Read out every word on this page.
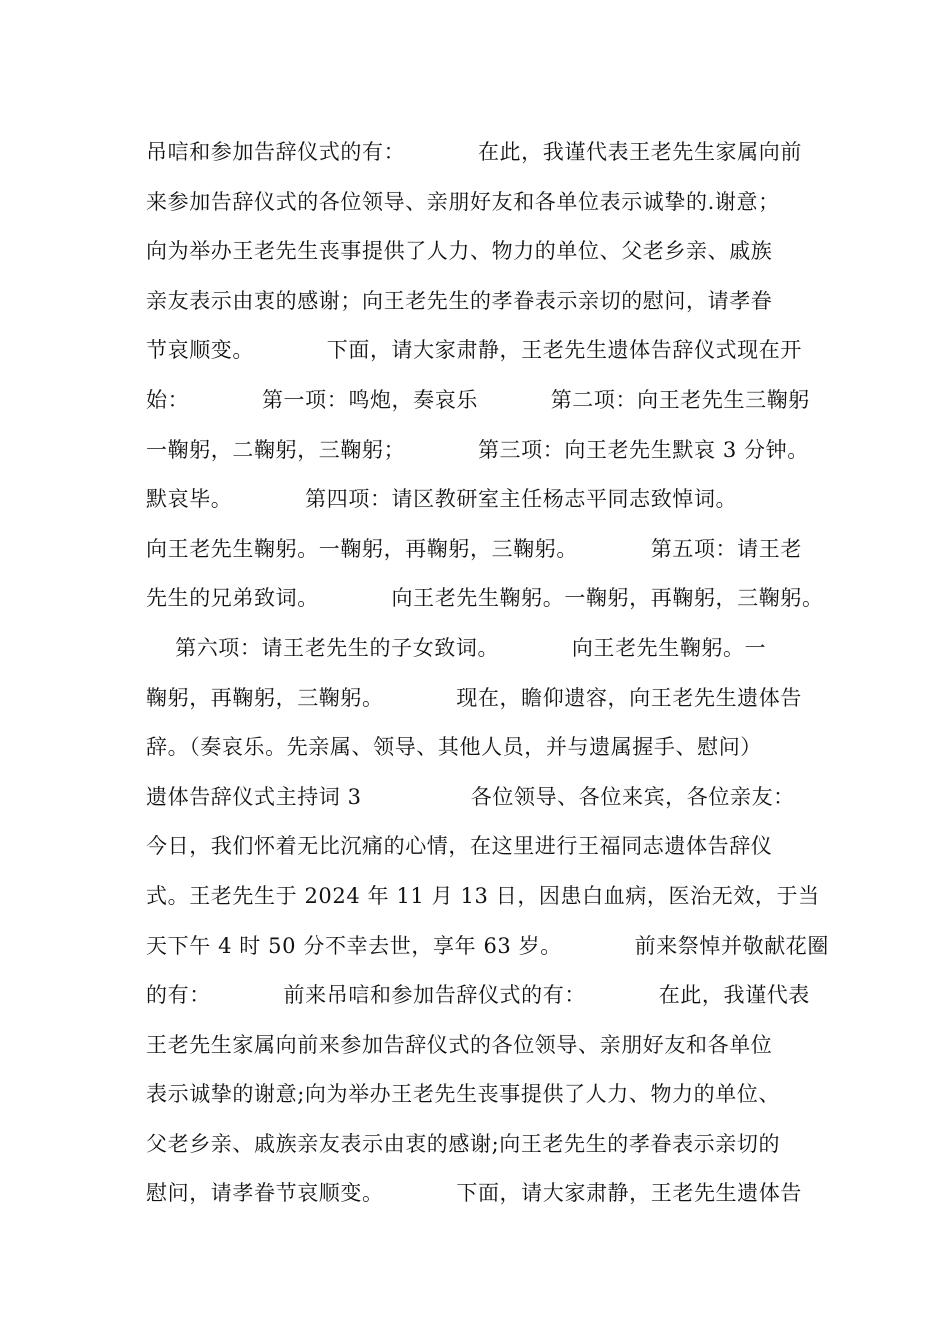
吊唁和参加告辞仪式的有：          在此，我谨代表王老先生家属向前
来参加告辞仪式的各位领导、亲朋好友和各单位表示诚挚的.谢意；
向为举办王老先生丧事提供了人力、物力的单位、父老乡亲、戚族
亲友表示由衷的感谢；向王老先生的孝眷表示亲切的慰问，请孝眷
节哀顺变。          下面，请大家肃静，王老先生遗体告辞仪式现在开
始：          第一项：鸣炮，奏哀乐          第二项：向王老先生三鞠躬
一鞠躬，二鞠躬，三鞠躬；          第三项：向王老先生默哀 3 分钟。
默哀毕。          第四项：请区教研室主任杨志平同志致悼词。
向王老先生鞠躬。一鞠躬，再鞠躬，三鞠躬。          第五项：请王老
先生的兄弟致词。          向王老先生鞠躬。一鞠躬，再鞠躬，三鞠躬。
第六项：请王老先生的子女致词。          向王老先生鞠躬。一
鞠躬，再鞠躬，三鞠躬。          现在，瞻仰遗容，向王老先生遗体告
辞。（奏哀乐。先亲属、领导、其他人员，并与遗属握手、慰问）
遗体告辞仪式主持词 3               各位领导、各位来宾，各位亲友：
今日，我们怀着无比沉痛的心情，在这里进行王福同志遗体告辞仪
式。王老先生于 2024 年 11 月 13 日，因患白血病，医治无效，于当
天下午 4 时 50 分不幸去世，享年 63 岁。          前来祭悼并敬献花圈
的有：          前来吊唁和参加告辞仪式的有：          在此，我谨代表
王老先生家属向前来参加告辞仪式的各位领导、亲朋好友和各单位
表示诚挚的谢意;向为举办王老先生丧事提供了人力、物力的单位、
父老乡亲、戚族亲友表示由衷的感谢;向王老先生的孝眷表示亲切的
慰问，请孝眷节哀顺变。          下面，请大家肃静，王老先生遗体告
